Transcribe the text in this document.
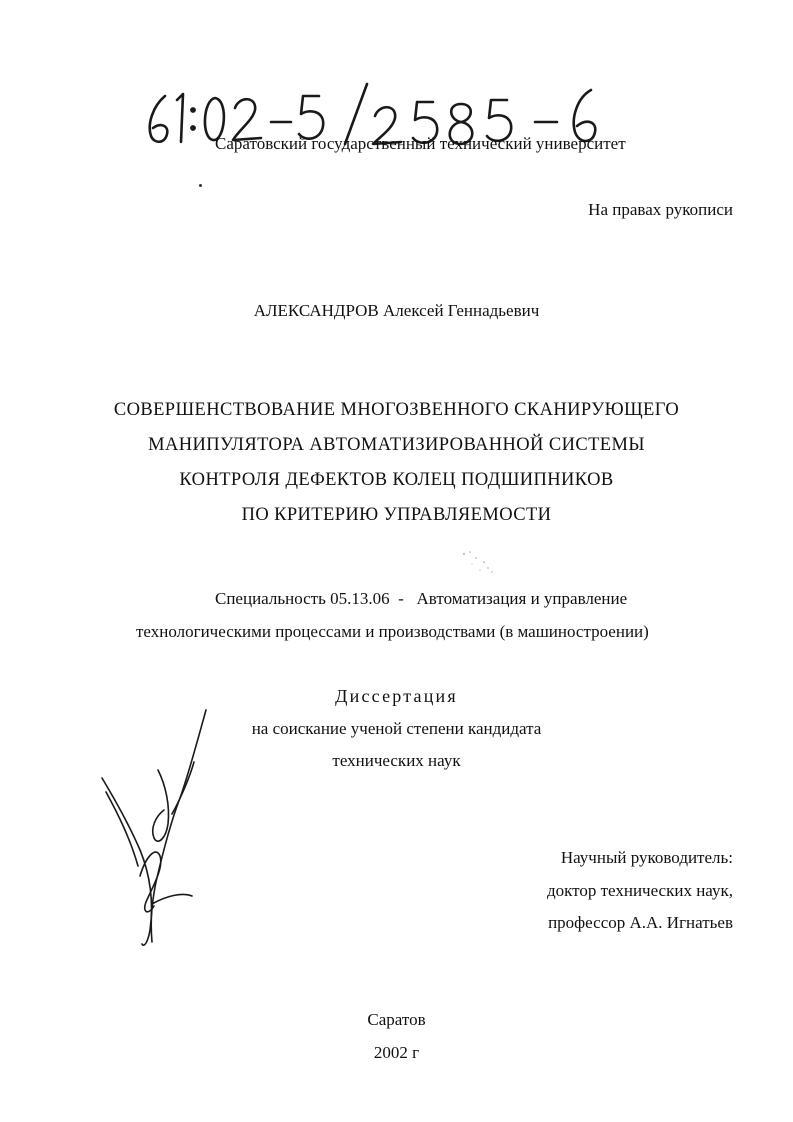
Саратовский государственный технический университет
На правах рукописи
АЛЕКСАНДРОВ Алексей Геннадьевич
СОВЕРШЕНСТВОВАНИЕ МНОГОЗВЕННОГО СКАНИРУЮЩЕГО
МАНИПУЛЯТОРА АВТОМАТИЗИРОВАННОЙ СИСТЕМЫ
КОНТРОЛЯ ДЕФЕКТОВ КОЛЕЦ ПОДШИПНИКОВ
ПО КРИТЕРИЮ УПРАВЛЯЕМОСТИ
Специальность 05.13.06  -   Автоматизация и управление
технологическими процессами и производствами (в машиностроении)
Диссертация
на соискание ученой степени кандидата
технических наук
Научный руководитель:
доктор технических наук,
профессор А.А. Игнатьев
Саратов
2002 г
